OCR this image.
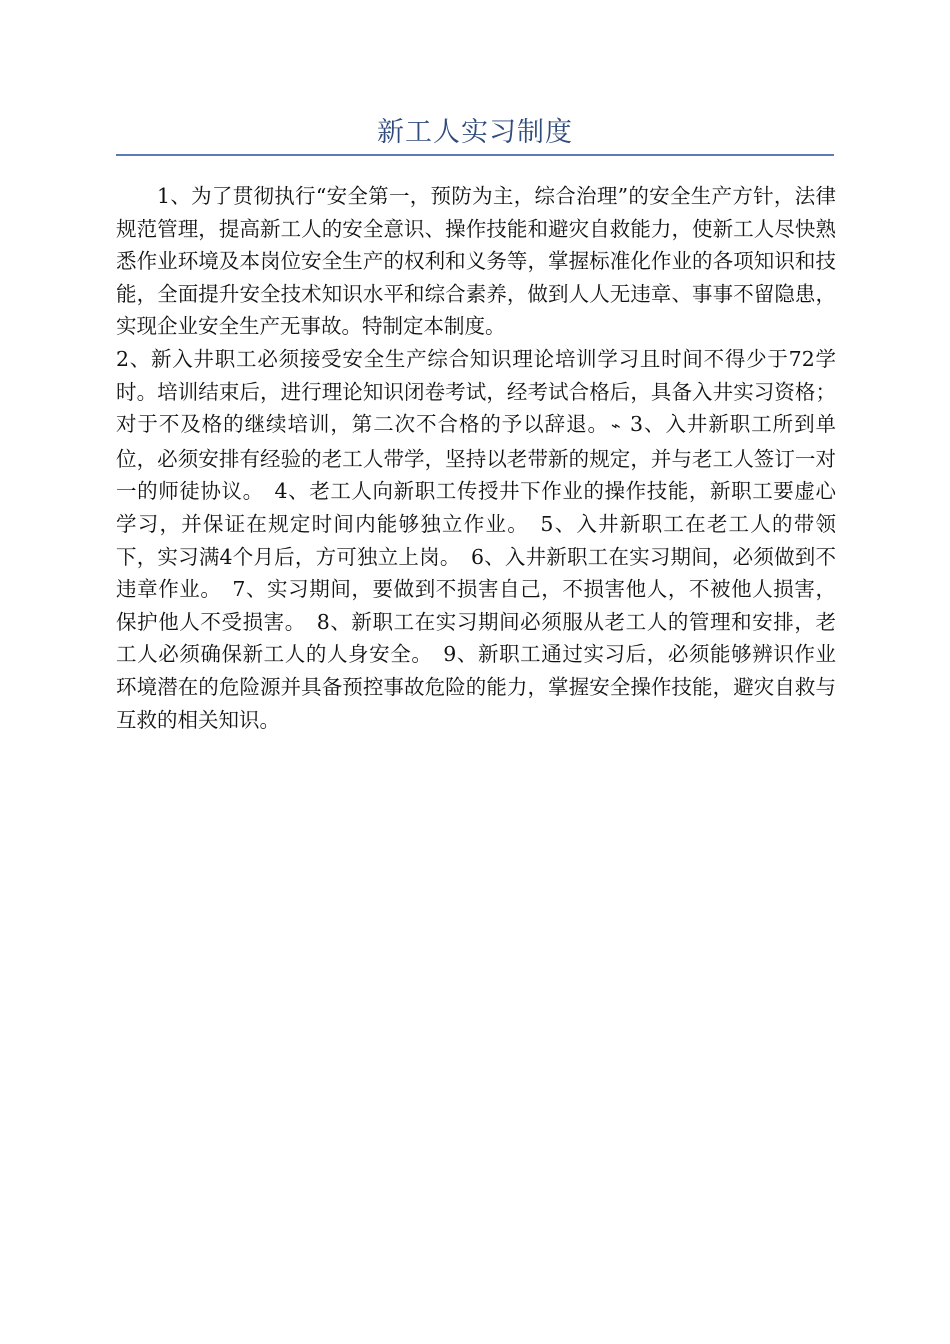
新工人实习制度

1、为了贯彻执行“安全第一，预防为主，综合治理”的安全生产方针，法律规范管理，提高新工人的安全意识、操作技能和避灾自救能力，使新工人尽快熟悉作业环境及本岗位安全生产的权利和义务等，掌握标准化作业的各项知识和技能，全面提升安全技术知识水平和综合素养，做到人人无违章、事事不留隐患，实现企业安全生产无事故。特制定本制度。

2、新入井职工必须接受安全生产综合知识理论培训学习且时间不得少于72学时。培训结束后，进行理论知识闭卷考试，经考试合格后，具备入井实习资格；对于不及格的继续培训，第二次不合格的予以辞退。 ⌁ 3、入井新职工所到单位，必须安排有经验的老工人带学，坚持以老带新的规定，并与老工人签订一对一的师徒协议。　4、老工人向新职工传授井下作业的操作技能，新职工要虚心学习，并保证在规定时间内能够独立作业。　5、入井新职工在老工人的带领下，实习满4个月后，方可独立上岗。　6、入井新职工在实习期间，必须做到不违章作业。　7、实习期间，要做到不损害自己，不损害他人，不被他人损害，保护他人不受损害。　8、新职工在实习期间必须服从老工人的管理和安排，老工人必须确保新工人的人身安全。　9、新职工通过实习后，必须能够辨识作业环境潜在的危险源并具备预控事故危险的能力，掌握安全操作技能，避灾自救与互救的相关知识。
